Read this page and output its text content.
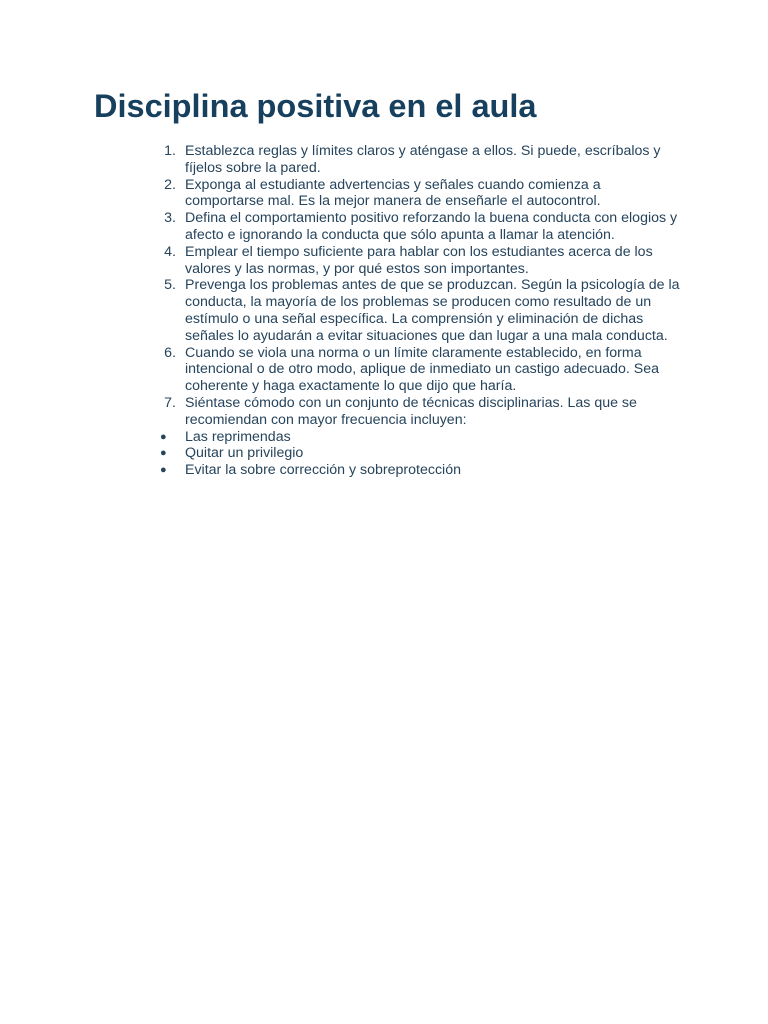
Disciplina positiva en el aula
1. Establezca reglas y límites claros y aténgase a ellos. Si puede, escríbalos y fíjelos sobre la pared.
2. Exponga al estudiante advertencias y señales cuando comienza a comportarse mal. Es la mejor manera de enseñarle el autocontrol.
3. Defina el comportamiento positivo reforzando la buena conducta con elogios y afecto e ignorando la conducta que sólo apunta a llamar la atención.
4. Emplear el tiempo suficiente para hablar con los estudiantes acerca de los valores y las normas, y por qué estos son importantes.
5. Prevenga los problemas antes de que se produzcan. Según la psicología de la conducta, la mayoría de los problemas se producen como resultado de un estímulo o una señal específica. La comprensión y eliminación de dichas señales lo ayudarán a evitar situaciones que dan lugar a una mala conducta.
6. Cuando se viola una norma o un límite claramente establecido, en forma intencional o de otro modo, aplique de inmediato un castigo adecuado. Sea coherente y haga exactamente lo que dijo que haría.
7. Siéntase cómodo con un conjunto de técnicas disciplinarias. Las que se recomiendan con mayor frecuencia incluyen:
●	Las reprimendas
●	Quitar un privilegio
●	Evitar la sobre corrección y sobreprotección
